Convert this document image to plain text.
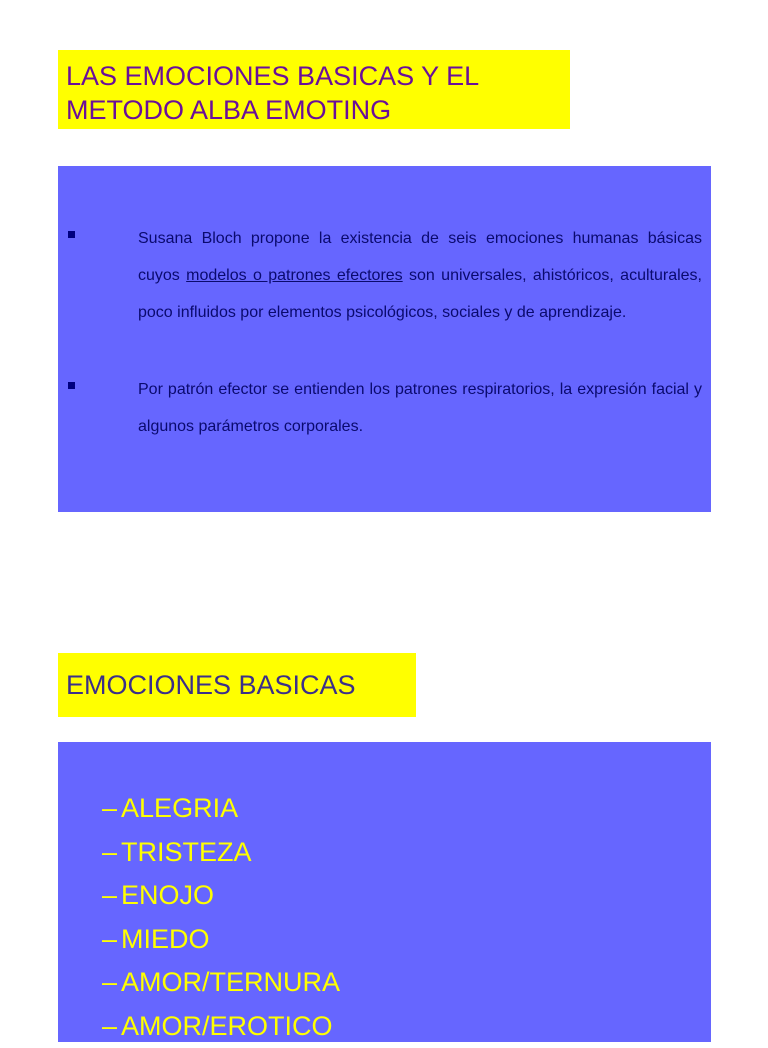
LAS EMOCIONES BASICAS Y EL
METODO ALBA EMOTING
Susana Bloch propone la existencia de seis emociones humanas básicas cuyos modelos o patrones efectores son universales, ahistóricos, aculturales, poco influidos por elementos psicológicos, sociales y de aprendizaje.
Por patrón efector se entienden los patrones respiratorios, la expresión facial y algunos parámetros corporales.
EMOCIONES BASICAS
– ALEGRIA
– TRISTEZA
– ENOJO
– MIEDO
– AMOR/TERNURA
– AMOR/EROTICO
